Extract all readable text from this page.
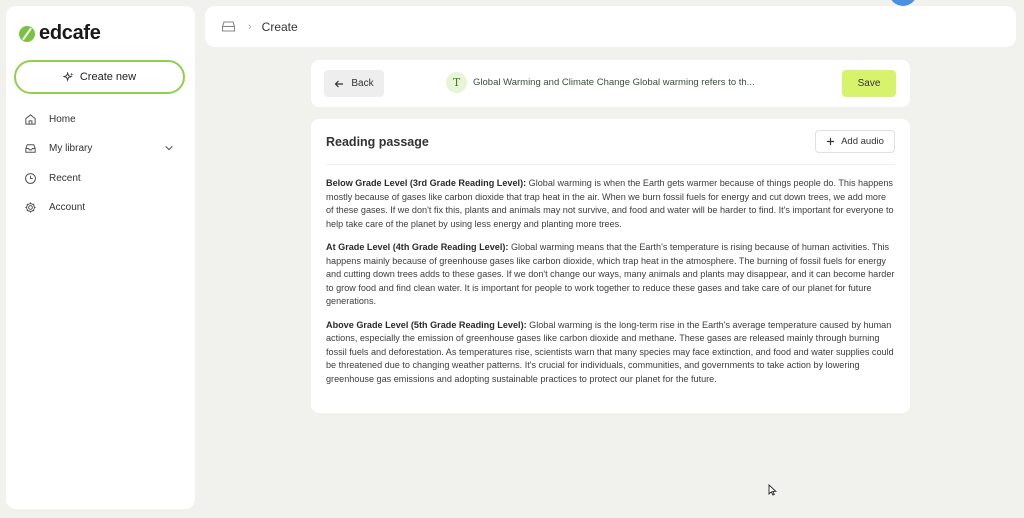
edcafe
Create new
Home
My library
Recent
Account
› Create
Back	T	Global Warming and Climate Change Global warming refers to th...	Save
Reading passage	Add audio

Below Grade Level (3rd Grade Reading Level): Global warming is when the Earth gets warmer because of things people do. This happens mostly because of gases like carbon dioxide that trap heat in the air. When we burn fossil fuels for energy and cut down trees, we add more of these gases. If we don't fix this, plants and animals may not survive, and food and water will be harder to find. It's important for everyone to help take care of the planet by using less energy and planting more trees.

At Grade Level (4th Grade Reading Level): Global warming means that the Earth's temperature is rising because of human activities. This happens mainly because of greenhouse gases like carbon dioxide, which trap heat in the atmosphere. The burning of fossil fuels for energy and cutting down trees adds to these gases. If we don't change our ways, many animals and plants may disappear, and it can become harder to grow food and find clean water. It is important for people to work together to reduce these gases and take care of our planet for future generations.

Above Grade Level (5th Grade Reading Level): Global warming is the long-term rise in the Earth's average temperature caused by human actions, especially the emission of greenhouse gases like carbon dioxide and methane. These gases are released mainly through burning fossil fuels and deforestation. As temperatures rise, scientists warn that many species may face extinction, and food and water supplies could be threatened due to changing weather patterns. It's crucial for individuals, communities, and governments to take action by lowering greenhouse gas emissions and adopting sustainable practices to protect our planet for the future.
